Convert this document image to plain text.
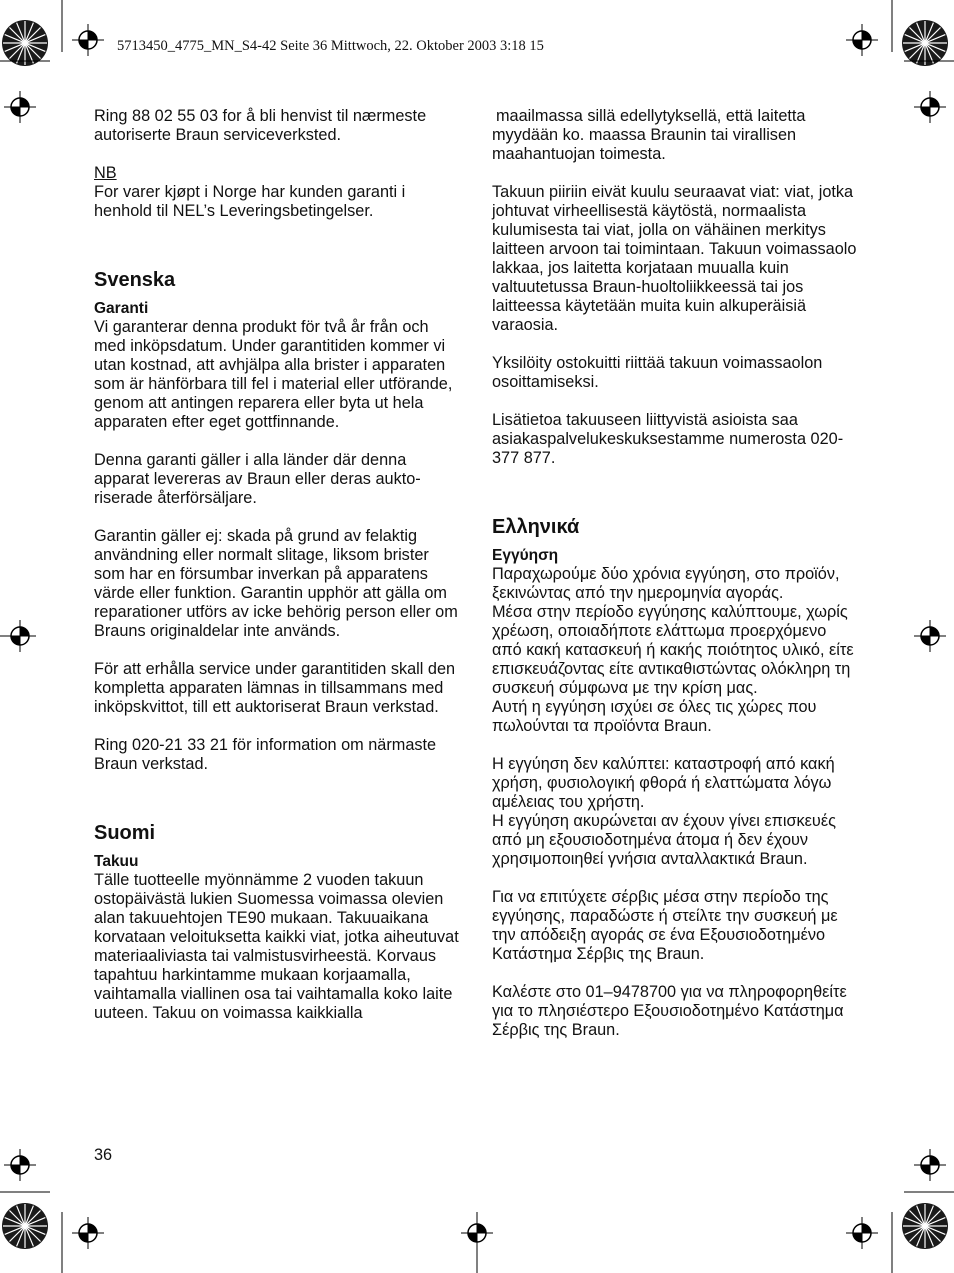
5713450_4775_MN_S4-42 Seite 36 Mittwoch, 22. Oktober 2003 3:18 15

Ring 88 02 55 03 for å bli henvist til nærmeste autoriserte Braun serviceverksted.

NB

For varer kjøpt i Norge har kunden garanti i henhold til NEL’s Leveringsbetingelser.

Svenska

Garanti

Vi garanterar denna produkt för två år från och med inköpsdatum. Under garantitiden kommer vi utan kostnad, att avhjälpa alla brister i apparaten som är hänförbara till fel i material eller utförande, genom att antingen reparera eller byta ut hela apparaten efter eget gottfinnande.

Denna garanti gäller i alla länder där denna apparat levereras av Braun eller deras auktoriserade återförsäljare.

Garantin gäller ej: skada på grund av felaktig användning eller normalt slitage, liksom brister som har en försumbar inverkan på apparatens värde eller funktion. Garantin upphör att gälla om reparationer utförs av icke behörig person eller om Brauns originaldelar inte används.

För att erhålla service under garantitiden skall den kompletta apparaten lämnas in tillsammans med inköpskvittot, till ett auktoriserat Braun verkstad.

Ring 020-21 33 21 för information om närmaste Braun verkstad.

Suomi

Takuu

Tälle tuotteelle myönnämme 2 vuoden takuun ostopäivästä lukien Suomessa voimassa olevien alan takuuehtojen TE90 mukaan. Takuuaikana korvataan veloituksetta kaikki viat, jotka aiheutuvat materiaaliviasta tai valmistusvirheestä. Korvaus tapahtuu harkintamme mukaan korjaamalla, vaihtamalla viallinen osa tai vaihtamalla koko laite uuteen. Takuu on voimassa kaikkialla

maailmassa sillä edellytyksellä, että laitetta myydään ko. maassa Braunin tai virallisen maahantuojan toimesta.

Takuun piiriin eivät kuulu seuraavat viat: viat, jotka johtuvat virheellisestä käytöstä, normaalista kulumisesta tai viat, jolla on vähäinen merkitys laitteen arvoon tai toimintaan. Takuun voimassaolo lakkaa, jos laitetta korjataan muualla kuin valtuutetussa Braun-huoltoliikkeessä tai jos laitteessa käytetään muita kuin alkuperäisiä varaosia.

Yksilöity ostokuitti riittää takuun voimassaolon osoittamiseksi.

Lisätietoa takuuseen liittyvistä asioista saa asiakaspalvelukeskuksestamme numerosta 020-377 877.

Ελληνικά

Εγγύηση

Παραχωρούμε δύο χρόνια εγγύηση, στο προϊόν, ξεκινώντας από την ημερομηνία αγοράς.

Μέσα στην περίοδο εγγύησης καλύπτουμε, χωρίς χρέωση, οποιαδήποτε ελάττωμα προερχόμενο από κακή κατασκευή ή κακής ποιότητος υλικό, είτε επισκευάζοντας είτε αντικαθιστώντας ολόκληρη τη συσκευή σύμφωνα με την κρίση μας.

Αυτή η εγγύηση ισχύει σε όλες τις χώρες που πωλούνται τα προϊόντα Braun.

Η εγγύηση δεν καλύπτει: καταστροφή από κακή χρήση, φυσιολογική φθορά ή ελαττώματα λόγω αμέλειας του χρήστη.

Η εγγύηση ακυρώνεται αν έχουν γίνει επισκευές από μη εξουσιοδοτημένα άτομα ή δεν έχουν χρησιμοποιηθεί γνήσια ανταλλακτικά Braun.

Για να επιτύχετε σέρβις μέσα στην περίοδο της εγγύησης, παραδώστε ή στείλτε την συσκευή με την απόδειξη αγοράς σε ένα Εξουσιοδοτημένο Κατάστημα Σέρβις της Braun.

Καλέστε στο 01–9478700 για να πληροφορηθείτε για το πλησιέστερο Εξουσιοδοτημένο Κατάστημα Σέρβις της Braun.

36
